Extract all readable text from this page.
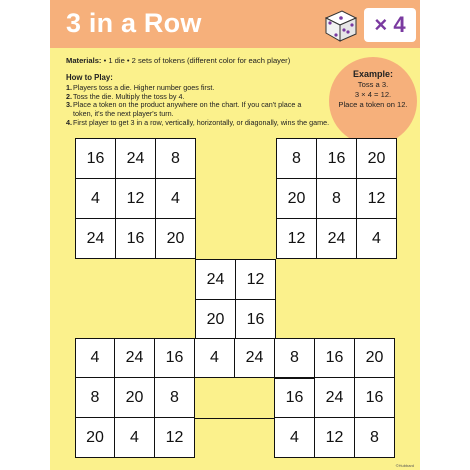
3 in a Row	× 4
Materials: • 1 die • 2 sets of tokens (different color for each player)
How to Play:
1. Players toss a die. Higher number goes first.
2. Toss the die. Multiply the toss by 4.
3. Place a token on the product anywhere on the chart. If you can't place a token, it's the next player's turn.
4. First player to get 3 in a row, vertically, horizontally, or diagonally, wins the game.
Example:
Toss a 3.
3 × 4 = 12.
Place a token on 12.
16	24	8
4	12	4
24	16	20
8	16	20
20	8	12
12	24	4
24	12
20	16
4	24	16	4	24	8	16	20
8	20	8	16	24	16
20	4	12	4	12	8
©Hubbard
